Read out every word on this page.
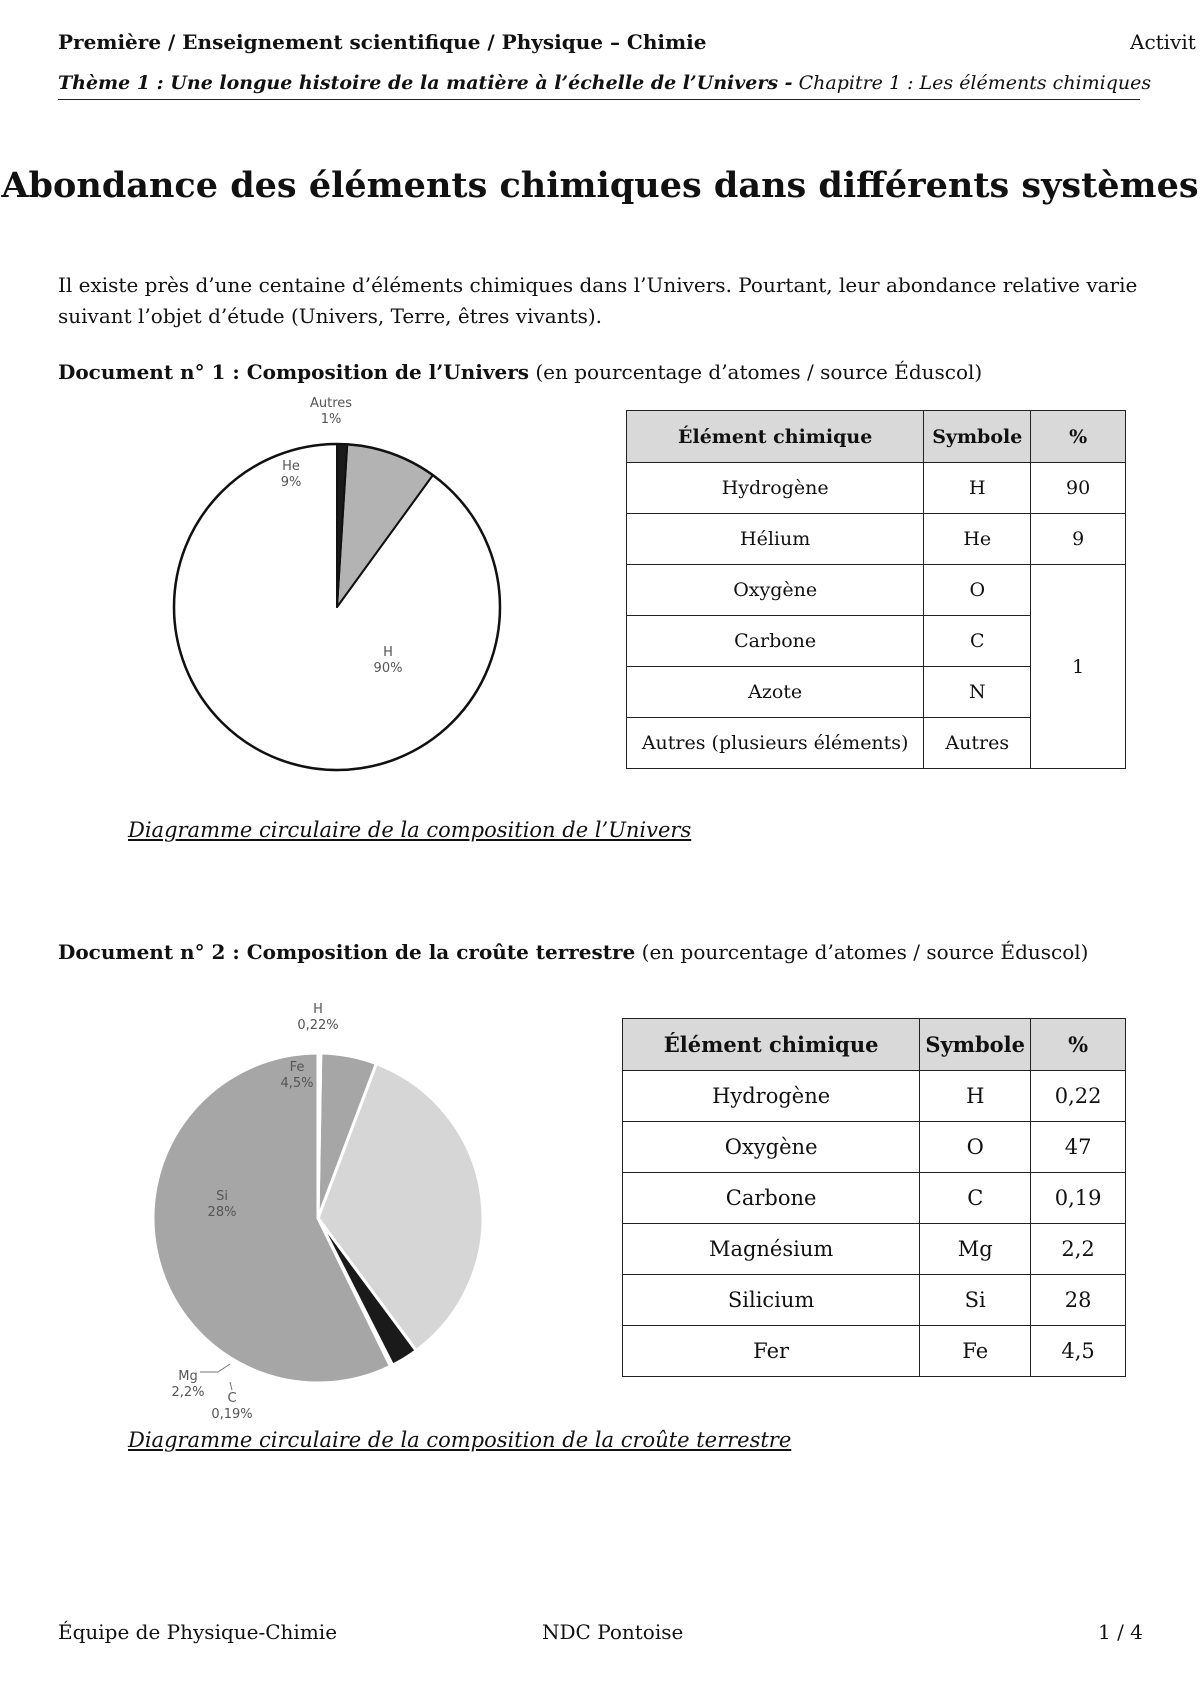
Première / Enseignement scientifique / Physique – Chimie	Activit
Thème 1 : Une longue histoire de la matière à l’échelle de l’Univers - Chapitre 1 : Les éléments chimiques
Abondance des éléments chimiques dans différents systèmes
Il existe près d’une centaine d’éléments chimiques dans l’Univers. Pourtant, leur abondance relative varie suivant l’objet d’étude (Univers, Terre, êtres vivants).
Document n° 1 : Composition de l’Univers (en pourcentage d’atomes / source Éduscol)
H
90%
He
9%
Autres
1%
Élément chimique	Symbole	%
Hydrogène	H	90
Hélium	He	9
Oxygène	O	1
Carbone	C	
Azote	N	
Autres (plusieurs éléments)	Autres	
Diagramme circulaire de la composition de l’Univers
Document n° 2 : Composition de la croûte terrestre (en pourcentage d’atomes / source Éduscol)
C
0,19%
Mg
2,2%
Si
28%
Fe
4,5%
H
0,22%
Élément chimique	Symbole	%
Hydrogène	H	0,22
Oxygène	O	47
Carbone	C	0,19
Magnésium	Mg	2,2
Silicium	Si	28
Fer	Fe	4,5
Diagramme circulaire de la composition de la croûte terrestre
Équipe de Physique-Chimie	NDC Pontoise	1 / 4
